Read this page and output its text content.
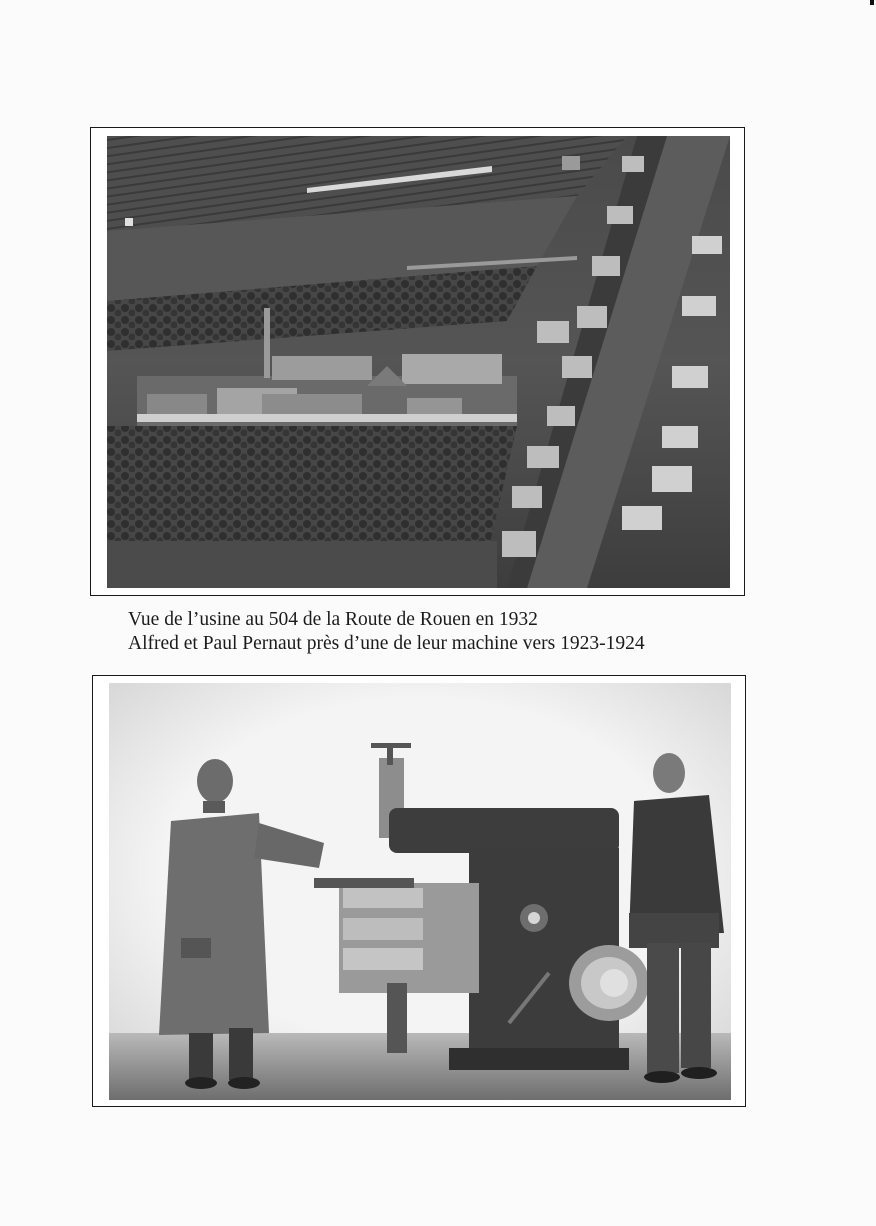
Vue de l’usine au 504 de la Route de Rouen en 1932
Alfred et Paul Pernaut près d’une de leur machine vers 1923-1924
